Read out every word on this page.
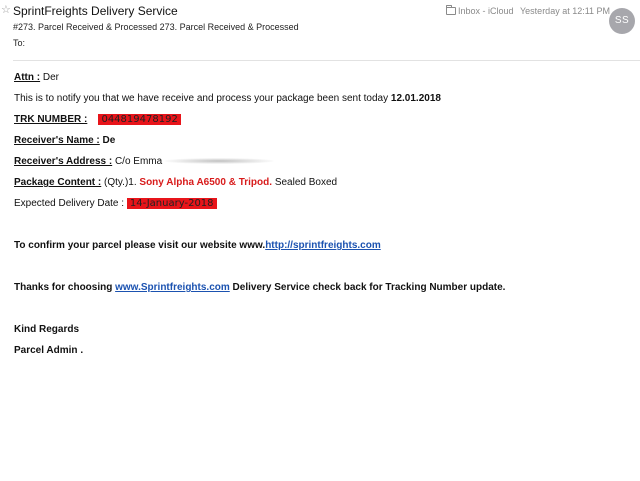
☆ SprintFreights Delivery Service
#273. Parcel Received & Processed 273. Parcel Received & Processed
To:
Inbox - iCloud Yesterday at 12:11 PM
SS
Attn : Der
This is to notify you that we have receive and process your package been sent today 12.01.2018
TRK NUMBER : 044819478192
Receiver's Name : De
Receiver's Address : C/o Emma
Package Content : (Qty.)1. Sony Alpha A6500 & Tripod. Sealed Boxed
Expected Delivery Date : 14-January-2018
To confirm your parcel please visit our website www.http://sprintfreights.com
Thanks for choosing www.Sprintfreights.com Delivery Service check back for Tracking Number update.
Kind Regards
Parcel Admin .
